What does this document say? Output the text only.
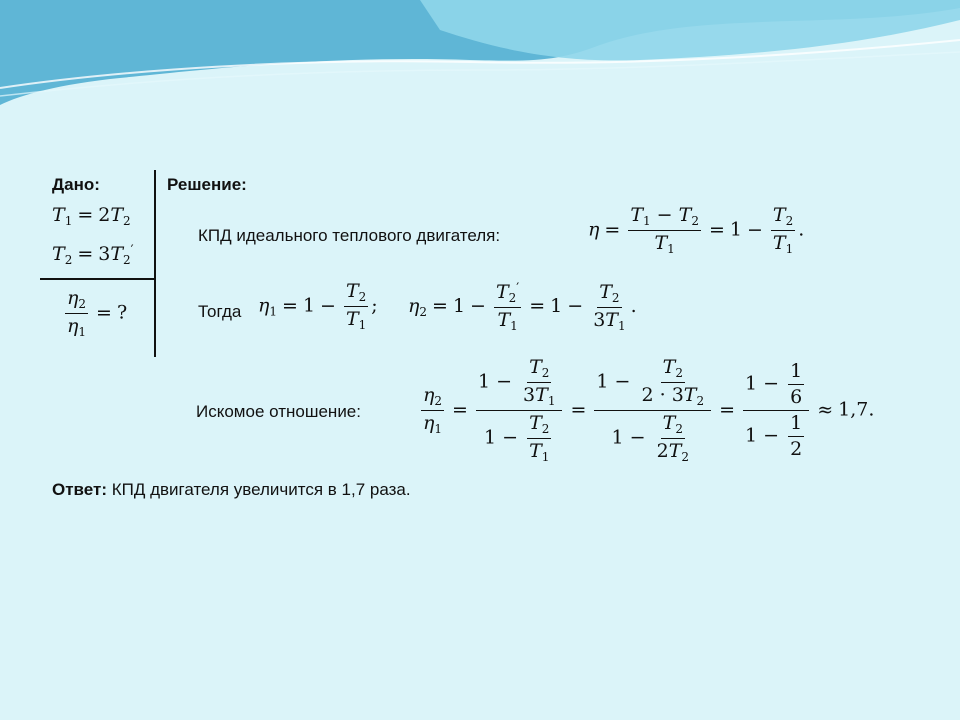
Дано:
$T_1 = 2T_2$
$T_2 = 3T_2'$
$\frac{\eta_2}{\eta_1}$ = ?
Решение:
КПД идеального теплового двигателя:	$\eta = \frac{T_1 - T_2}{T_1} = 1 - \frac{T_2}{T_1}$ .
Тогда $\eta_1 = 1 - \frac{T_2}{T_1}$ ; $\eta_2 = 1 - \frac{T_2'}{T_1} = 1 - \frac{T_2}{3T_1}$ .
Искомое отношение:	$\frac{\eta_2}{\eta_1} = \frac{1 - \frac{T_2}{3T_1}}{1 - \frac{T_2}{T_1}} = \frac{1 - \frac{T_2}{2 \cdot 3T_2}}{1 - \frac{T_2}{2T_2}} = \frac{1 - \frac{1}{6}}{1 - \frac{1}{2}} \approx 1,7$.
Ответ: КПД двигателя увеличится в 1,7 раза.
